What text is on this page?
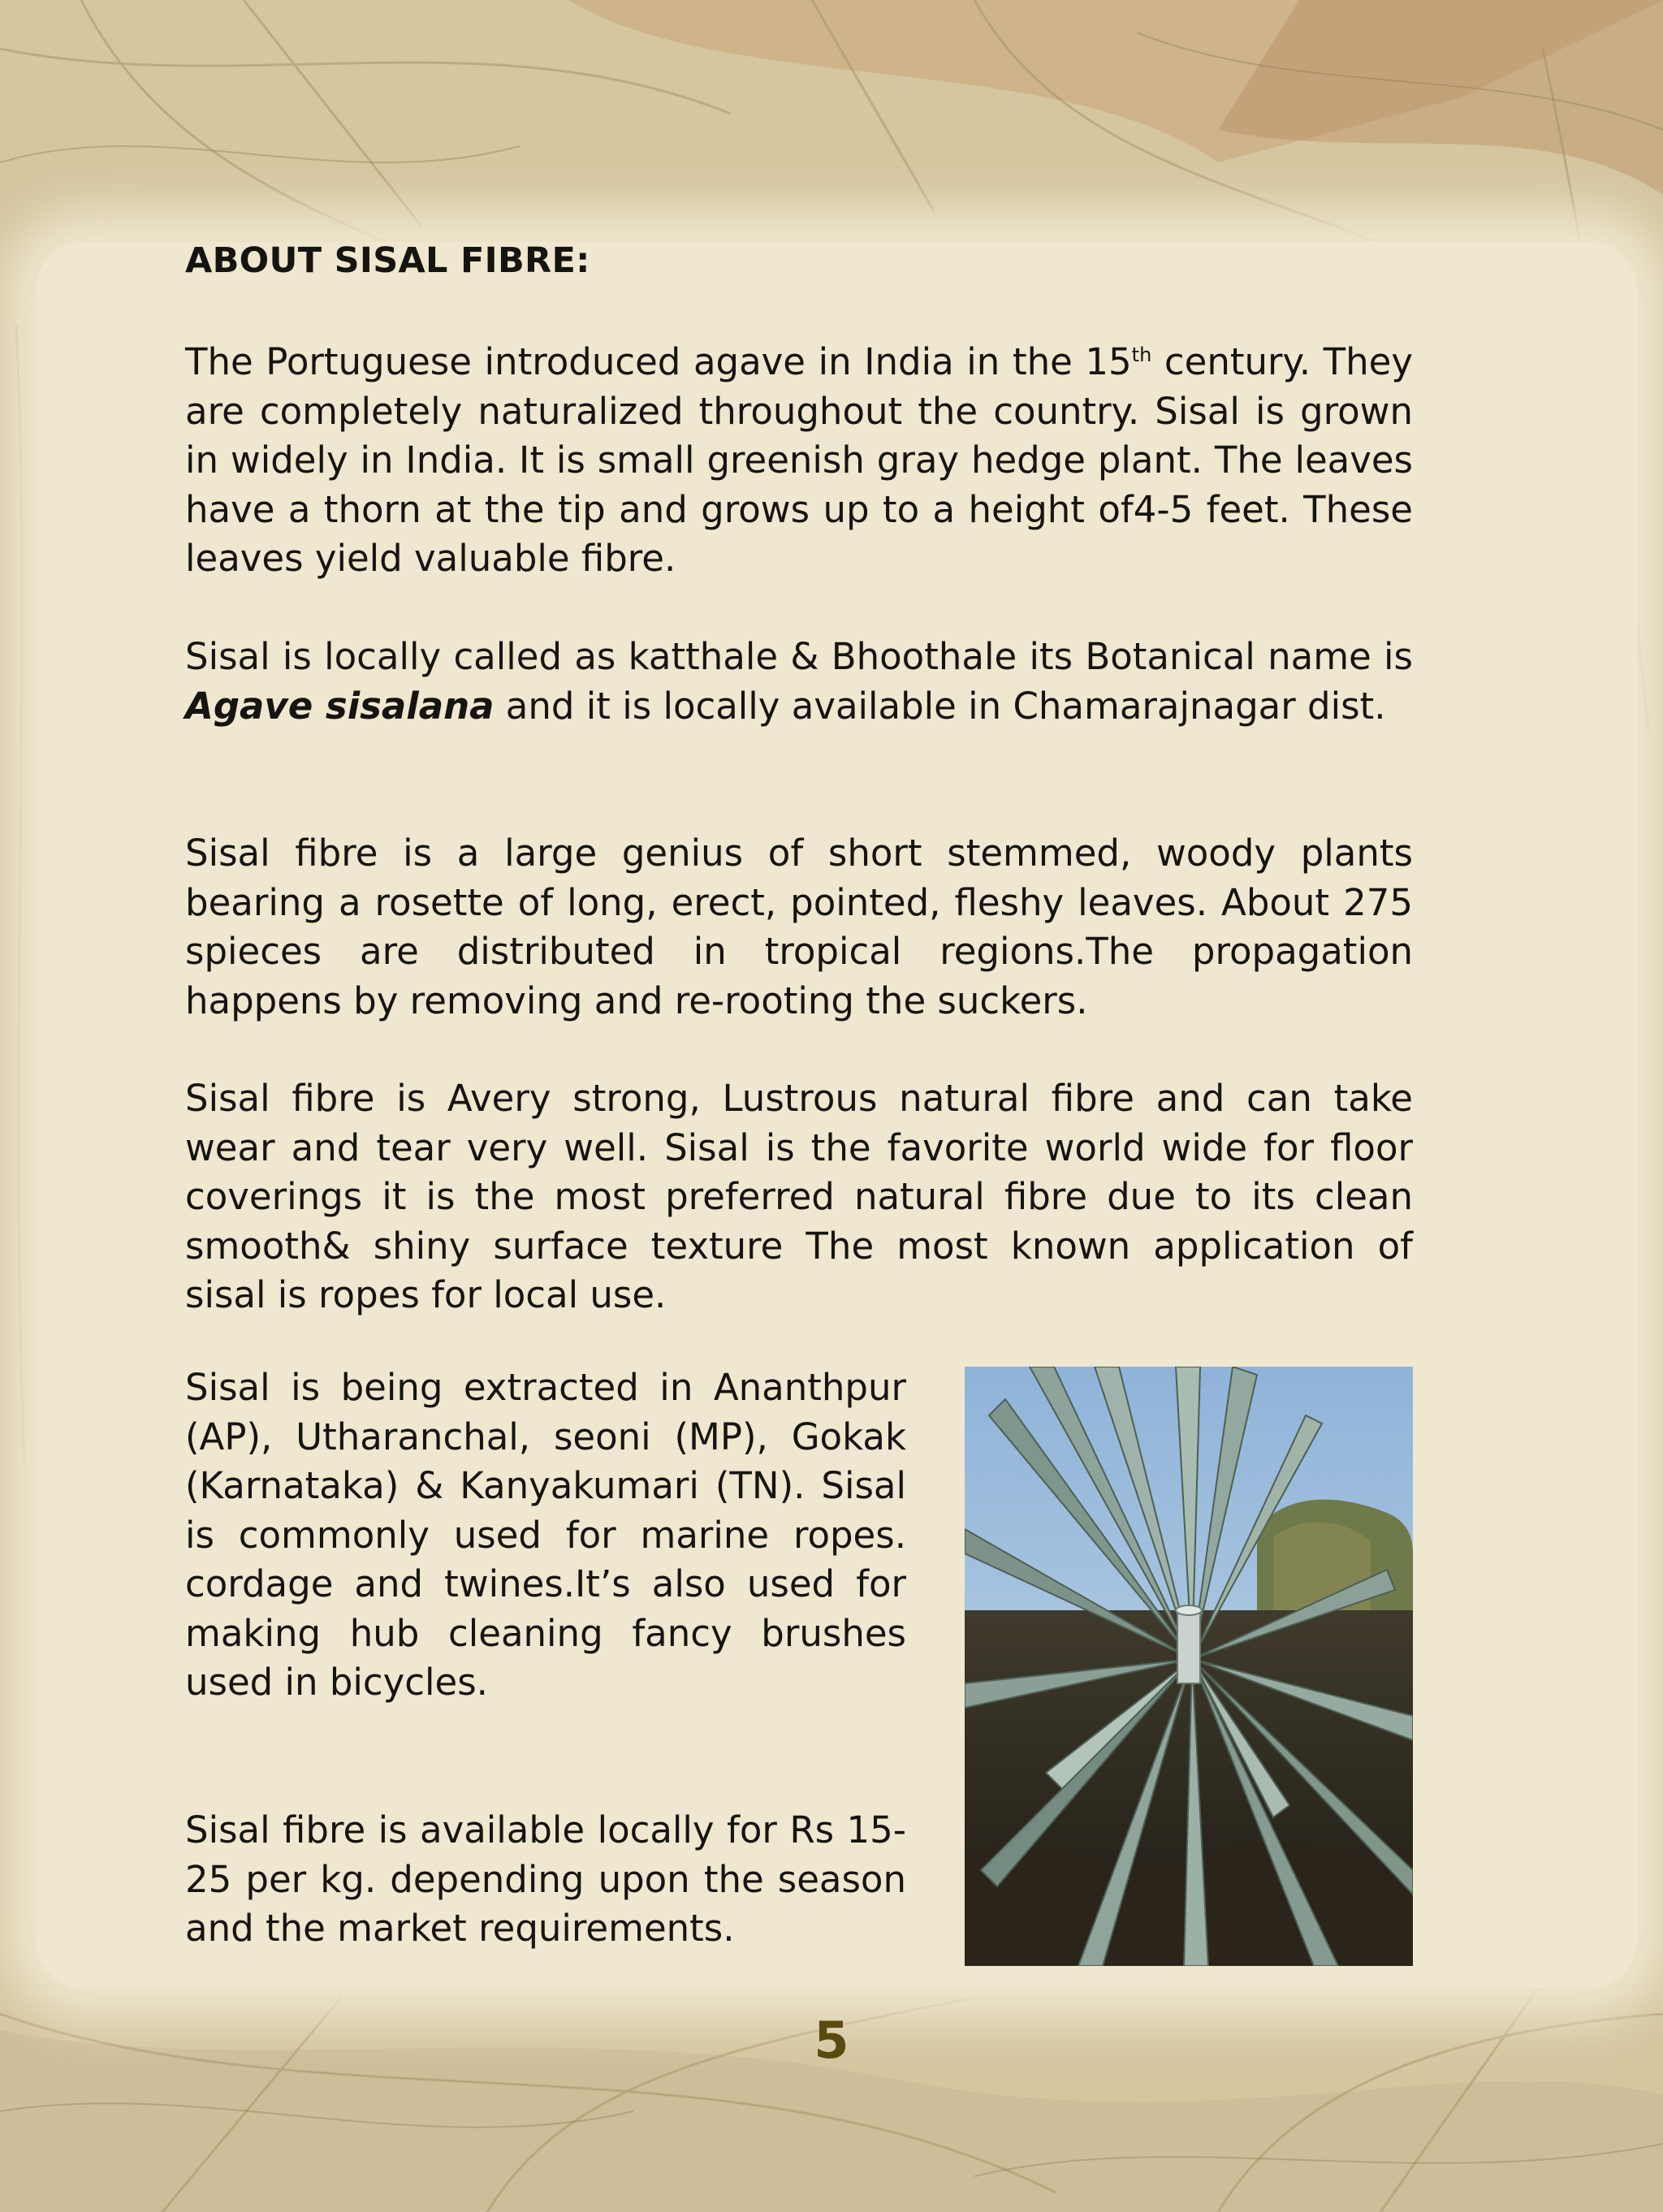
ABOUT SISAL FIBRE:

The Portuguese introduced agave in India in the 15th century. They are completely naturalized throughout the country. Sisal is grown in widely in India. It is small greenish gray hedge plant. The leaves have a thorn at the tip and grows up to a height of4-5 feet. These leaves yield valuable fibre.

Sisal is locally called as katthale & Bhoothale its Botanical name is Agave sisalana and it is locally available in Chamarajnagar dist.

Sisal fibre is a large genius of short stemmed, woody plants bearing a rosette of long, erect, pointed, fleshy leaves. About 275 spieces are distributed in tropical regions.The propagation happens by removing and re-rooting the suckers.

Sisal fibre is Avery strong, Lustrous natural fibre and can take wear and tear very well. Sisal is the favorite world wide for floor coverings it is the most preferred natural fibre due to its clean smooth& shiny surface texture The most known application of sisal is ropes for local use.

Sisal is being extracted in Ananthpur (AP), Utharanchal, seoni (MP), Gokak (Karnataka) & Kanyakumari (TN). Sisal is commonly used for marine ropes. cordage and twines.It’s also used for making hub cleaning fancy brushes used in bicycles.

Sisal fibre is available locally for Rs 15-25 per kg. depending upon the season and the market requirements.

5
